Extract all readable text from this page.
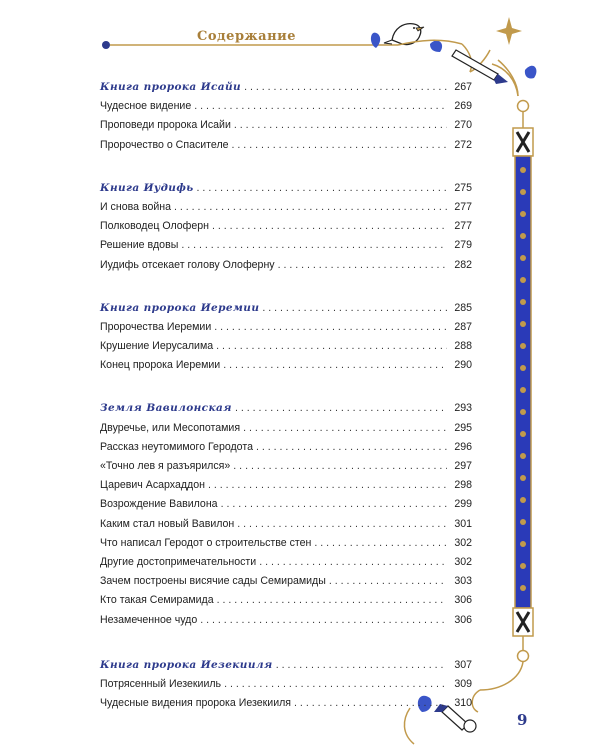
Содержание
Книга пророка Исайи . . .	267
Чудесное видение . . .	269
Проповеди пророка Исайи . . .	270
Пророчество о Спасителе . . .	272
Книга Иудифь . . .	275
И снова война . . .	277
Полководец Олоферн . . .	277
Решение вдовы . . .	279
Иудифь отсекает голову Олоферну . . .	282
Книга пророка Иеремии . . .	285
Пророчества Иеремии . . .	287
Крушение Иерусалима . . .	288
Конец пророка Иеремии . . .	290
Земля Вавилонская . . .	293
Двуречье, или Месопотамия . . .	295
Рассказ неутомимого Геродота . . .	296
«Точно лев я разъярился» . . .	297
Царевич Асархаддон . . .	298
Возрождение Вавилона . . .	299
Каким стал новый Вавилон . . .	301
Что написал Геродот о строительстве стен . . .	302
Другие достопримечательности . . .	302
Зачем построены висячие сады Семирамиды . . .	303
Кто такая Семирамида . . .	306
Незамеченное чудо . . .	306
Книга пророка Иезекииля . . .	307
Потрясенный Иезекииль . . .	309
Чудесные видения пророка Иезекииля . . .	310
9
